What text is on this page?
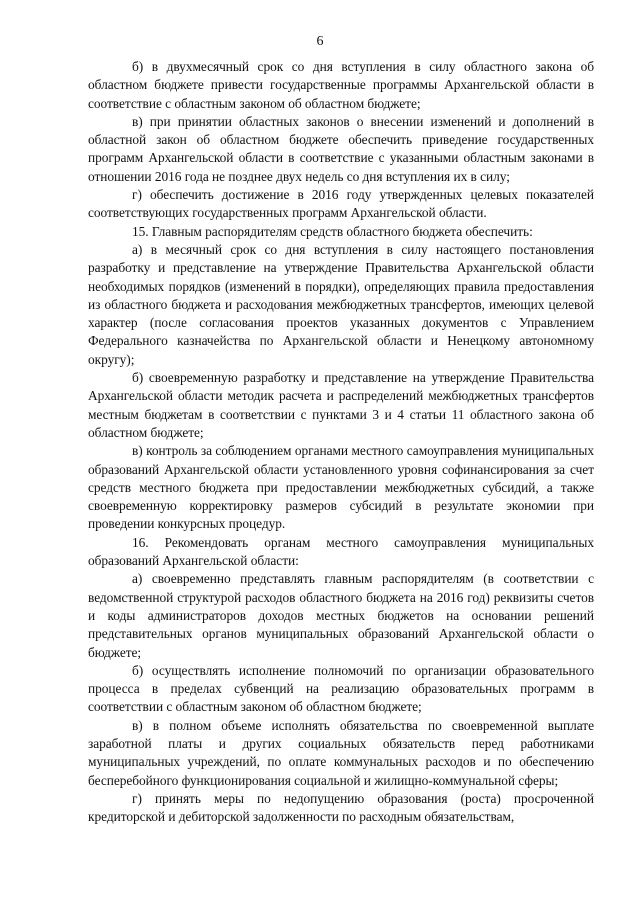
6

б) в двухмесячный срок со дня вступления в силу областного закона об областном бюджете привести государственные программы Архангельской области в соответствие с областным законом об областном бюджете;

в) при принятии областных законов о внесении изменений и дополнений в областной закон об областном бюджете обеспечить приведение государственных программ Архангельской области в соответствие с указанными областным законами в отношении 2016 года не позднее двух недель со дня вступления их в силу;

г) обеспечить достижение в 2016 году утвержденных целевых показателей соответствующих государственных программ Архангельской области.

15. Главным распорядителям средств областного бюджета обеспечить:

а) в месячный срок со дня вступления в силу настоящего постановления разработку и представление на утверждение Правительства Архангельской области необходимых порядков (изменений в порядки), определяющих правила предоставления из областного бюджета и расходования межбюджетных трансфертов, имеющих целевой характер (после согласования проектов указанных документов с Управлением Федерального казначейства по Архангельской области и Ненецкому автономному округу);

б) своевременную разработку и представление на утверждение Правительства Архангельской области методик расчета и распределений межбюджетных трансфертов местным бюджетам в соответствии с пунктами 3 и 4 статьи 11 областного закона об областном бюджете;

в) контроль за соблюдением органами местного самоуправления муниципальных образований Архангельской области установленного уровня софинансирования за счет средств местного бюджета при предоставлении межбюджетных субсидий, а также своевременную корректировку размеров субсидий в результате экономии при проведении конкурсных процедур.

16. Рекомендовать органам местного самоуправления муниципальных образований Архангельской области:

а) своевременно представлять главным распорядителям (в соответствии с ведомственной структурой расходов областного бюджета на 2016 год) реквизиты счетов и коды администраторов доходов местных бюджетов на основании решений представительных органов муниципальных образований Архангельской области о бюджете;

б) осуществлять исполнение полномочий по организации образовательного процесса в пределах субвенций на реализацию образовательных программ в соответствии с областным законом об областном бюджете;

в) в полном объеме исполнять обязательства по своевременной выплате заработной платы и других социальных обязательств перед работниками муниципальных учреждений, по оплате коммунальных расходов и по обеспечению бесперебойного функционирования социальной и жилищно-коммунальной сферы;

г) принять меры по недопущению образования (роста) просроченной кредиторской и дебиторской задолженности по расходным обязательствам,
